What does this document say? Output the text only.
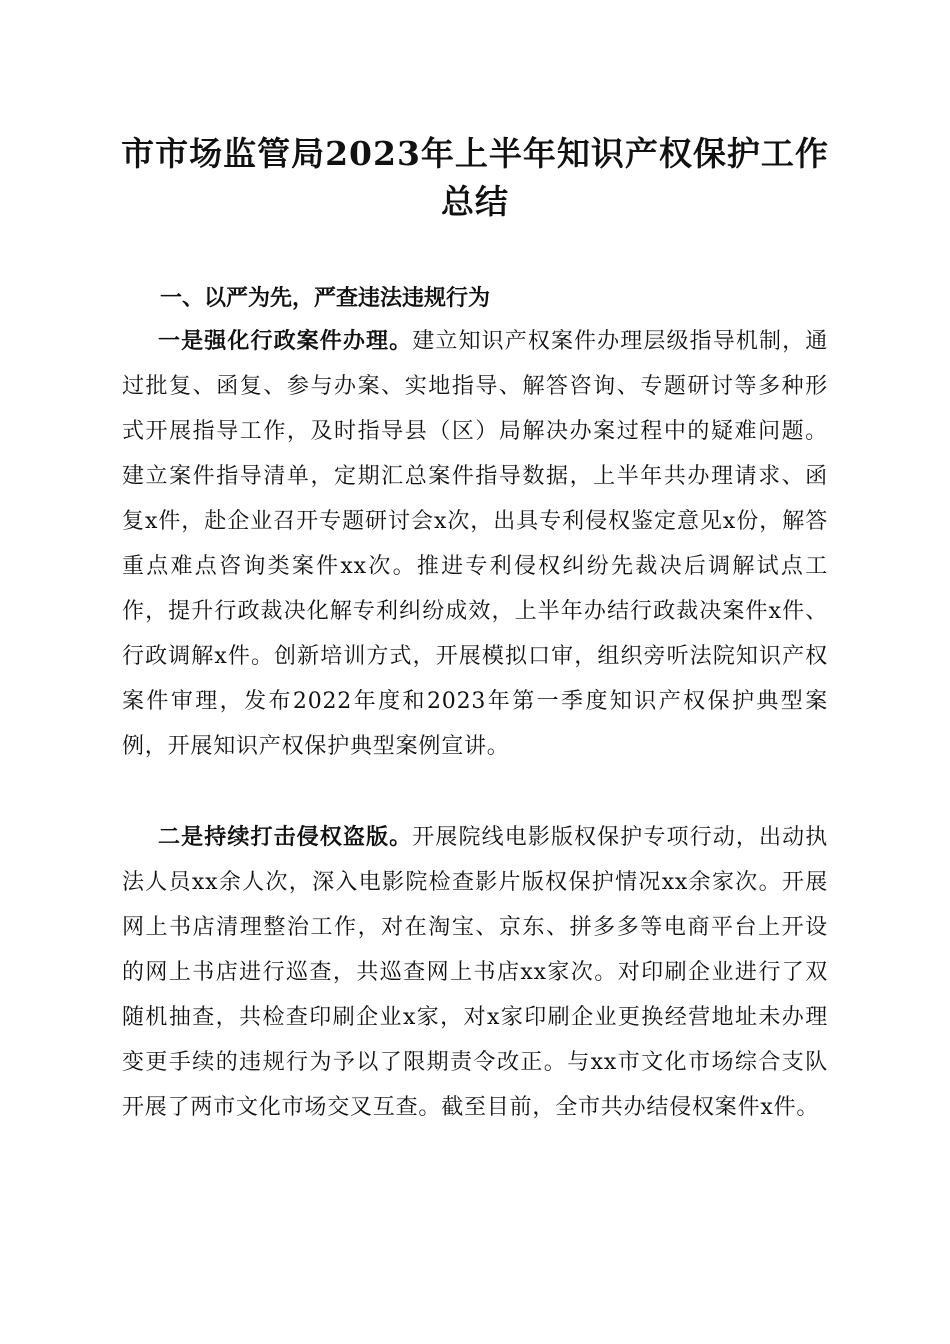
市市场监管局2023年上半年知识产权保护工作总结
一、以严为先，严查违法违规行为

一是强化行政案件办理。建立知识产权案件办理层级指导机制，通过批复、函复、参与办案、实地指导、解答咨询、专题研讨等多种形式开展指导工作，及时指导县（区）局解决办案过程中的疑难问题。建立案件指导清单，定期汇总案件指导数据，上半年共办理请求、函复x件，赴企业召开专题研讨会x次，出具专利侵权鉴定意见x份，解答重点难点咨询类案件xx次。推进专利侵权纠纷先裁决后调解试点工作，提升行政裁决化解专利纠纷成效，上半年办结行政裁决案件x件、行政调解x件。创新培训方式，开展模拟口审，组织旁听法院知识产权案件审理，发布2022年度和2023年第一季度知识产权保护典型案例，开展知识产权保护典型案例宣讲。

二是持续打击侵权盗版。开展院线电影版权保护专项行动，出动执法人员xx余人次，深入电影院检查影片版权保护情况xx余家次。开展网上书店清理整治工作，对在淘宝、京东、拼多多等电商平台上开设的网上书店进行巡查，共巡查网上书店xx家次。对印刷企业进行了双随机抽查，共检查印刷企业x家，对x家印刷企业更换经营地址未办理变更手续的违规行为予以了限期责令改正。与xx市文化市场综合支队开展了两市文化市场交叉互查。截至目前，全市共办结侵权案件x件。
